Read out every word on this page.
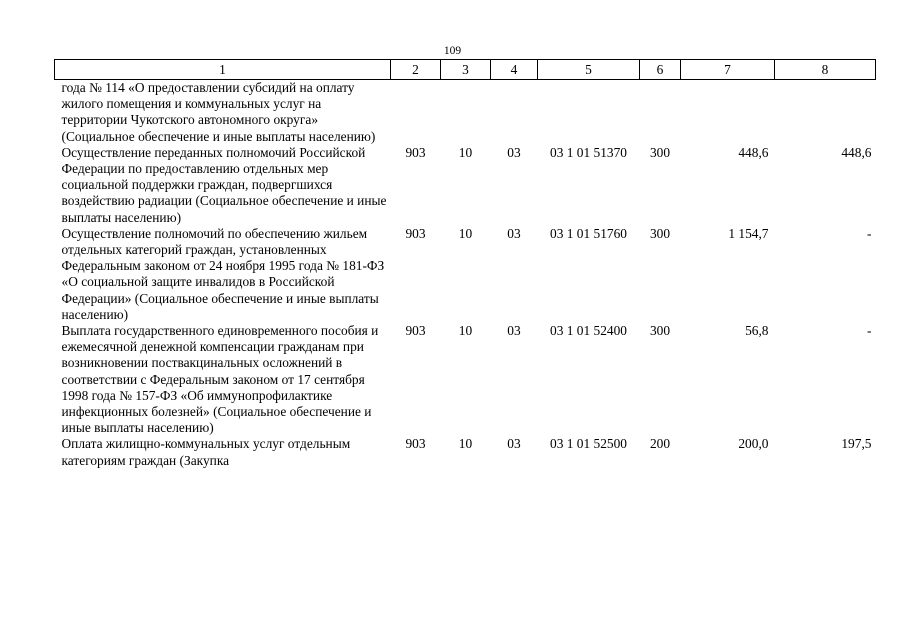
109
1	2	3	4	5	6	7	8
года № 114 «О предоставлении субсидий на оплату жилого помещения и коммунальных услуг на территории Чукотского автономного округа» (Социальное обеспечение и иные выплаты населению)							
Осуществление переданных полномочий Российской Федерации по предоставлению отдельных мер социальной поддержки граждан, подвергшихся воздействию радиации (Социальное обеспечение и иные выплаты населению)	903	10	03	03 1 01 51370	300	448,6	448,6
Осуществление полномочий по обеспечению жильем отдельных категорий граждан, установленных Федеральным законом от 24 ноября 1995 года № 181-ФЗ «О социальной защите инвалидов в Российской Федерации» (Социальное обеспечение и иные выплаты населению)	903	10	03	03 1 01 51760	300	1 154,7	-
Выплата государственного единовременного пособия и ежемесячной денежной компенсации гражданам при возникновении поствакцинальных осложнений в соответствии с Федеральным законом от 17 сентября 1998 года № 157-ФЗ «Об иммунопрофилактике инфекционных болезней» (Социальное обеспечение и иные выплаты населению)	903	10	03	03 1 01 52400	300	56,8	-
Оплата жилищно-коммунальных услуг отдельным категориям граждан (Закупка	903	10	03	03 1 01 52500	200	200,0	197,5
